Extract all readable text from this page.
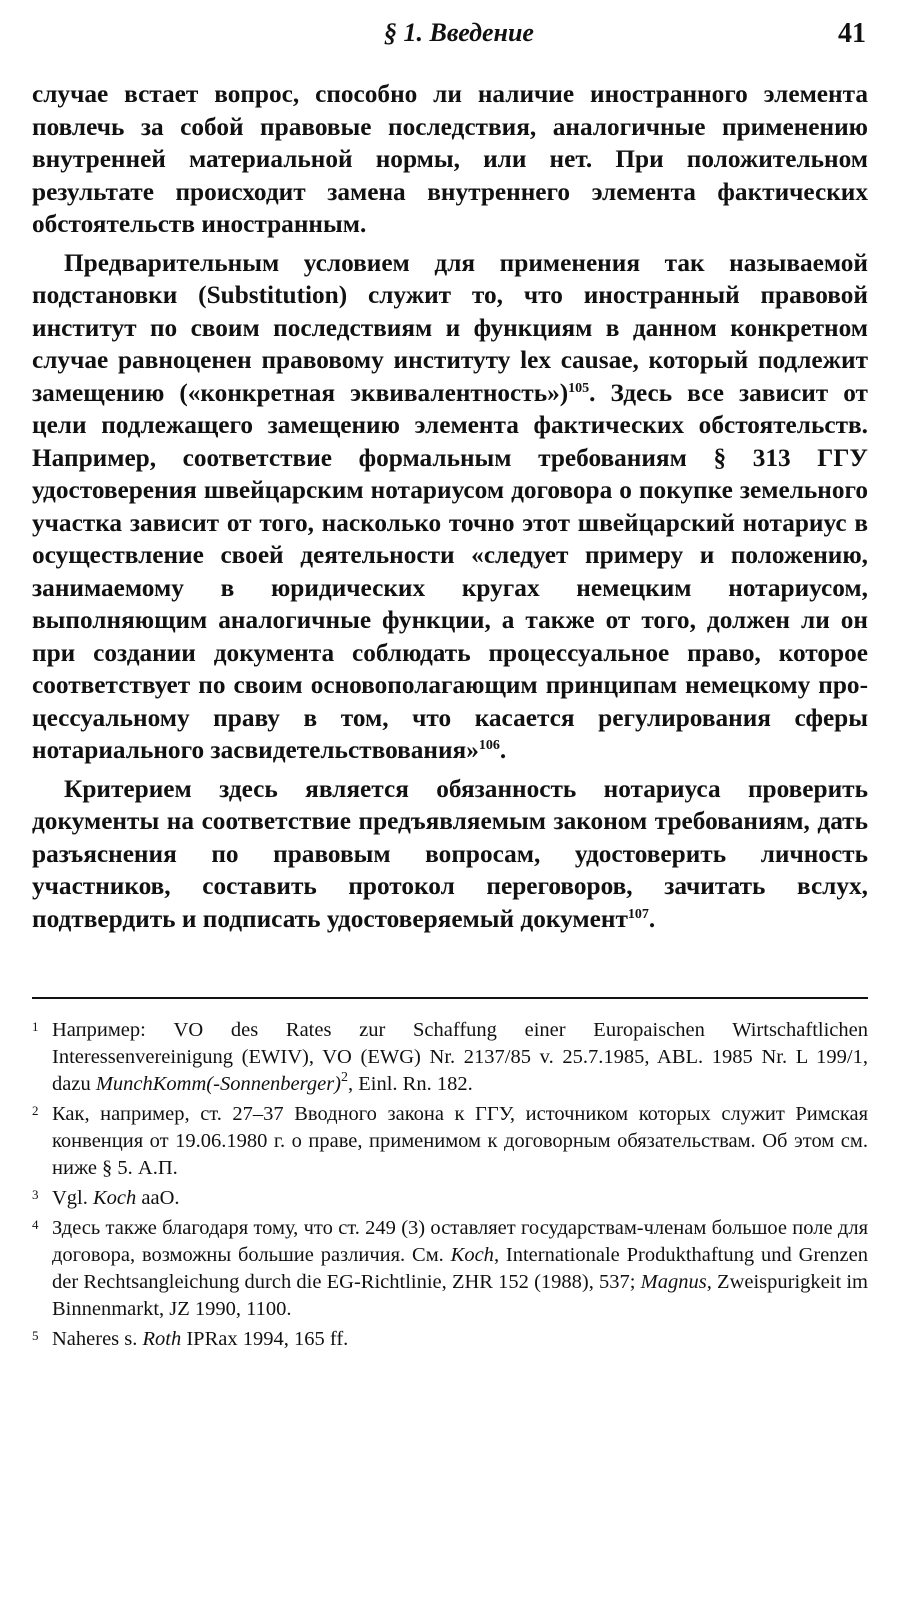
§ 1. Введение	41

случае встает вопрос, способно ли наличие иностранного элемента повлечь за собой правовые последствия, аналогичные применению внутренней материальной нормы, или нет. При положительном результате происходит замена внутреннего элемента фактических обстоятельств иностранным.

Предварительным условием для применения так называемой подстановки (Substitution) служит то, что иностранный правовой институт по своим последствиям и функциям в данном конкретном случае равноценен правовому институту lex causae, который подлежит замещению («конкретная эквивалентность»)$^{105}$. Здесь все зависит от цели подлежащего замещению элемента фактических обстоятельств. Например, соответствие формальным требованиям § 313 ГГУ удостоверения швейцарским нотариусом договора о покупке земельного участка зависит от того, насколько точно этот швейцарский нотариус в осуществление своей деятельности «следует примеру и положению, занимаемому в юридических кругах немецким нотариусом, выполняющим аналогичные функции, а также от того, должен ли он при создании документа соблюдать процессуальное право, которое соответствует по своим основополагающим принципам немецкому процессуальному праву в том, что касается регулирования сферы нотариального засвидетельствования»$^{106}$.

Критерием здесь является обязанность нотариуса проверить документы на соответствие предъявляемым законом требованиям, дать разъяснения по правовым вопросам, удостоверить личность участников, составить протокол переговоров, зачитать вслух, подтвердить и подписать удостоверяемый документ$^{107}$.

1 Например: VO des Rates zur Schaffung einer Europaischen Wirtschaftlichen Interessenvereinigung (EWIV), VO (EWG) Nr. 2137/85 v. 25.7.1985, ABL. 1985 Nr. L 199/1, dazu MunchKomm(-Sonnenberger)$^2$, Einl. Rn. 182.

2 Как, например, ст. 27–37 Вводного закона к ГГУ, источником которых служит Римская конвенция от 19.06.1980 г. о праве, применимом к договорным обязательствам. Об этом см. ниже § 5. А.П.

3 Vgl. Koch aaO.

4 Здесь также благодаря тому, что ст. 249 (3) оставляет государствам-членам большое поле для договора, возможны большие различия. См. Koch, Internationale Produkthaftung und Grenzen der Rechtsangleichung durch die EG-Richtlinie, ZHR 152 (1988), 537; Magnus, Zweispurigkeit im Binnenmarkt, JZ 1990, 1100.

5 Naheres s. Roth IPRax 1994, 165 ff.
